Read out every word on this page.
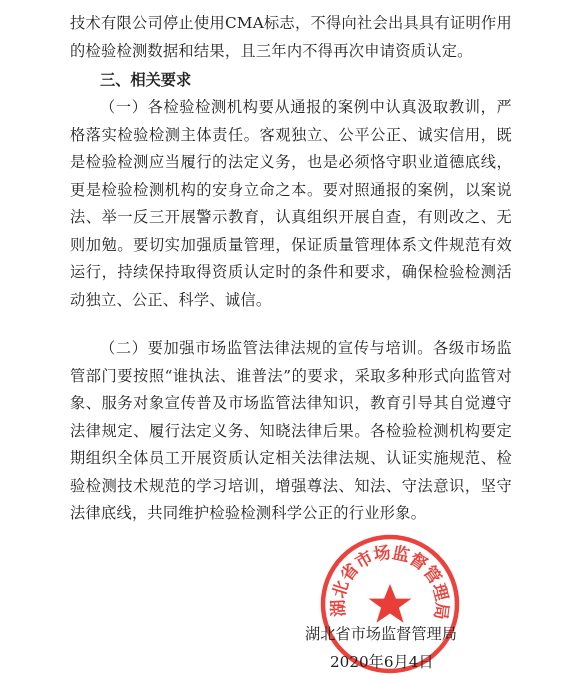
技术有限公司停止使用CMA标志，不得向社会出具具有证明作用的检验检测数据和结果，且三年内不得再次申请资质认定。

三、相关要求

（一）各检验检测机构要从通报的案例中认真汲取教训，严格落实检验检测主体责任。客观独立、公平公正、诚实信用，既是检验检测应当履行的法定义务，也是必须恪守职业道德底线，更是检验检测机构的安身立命之本。要对照通报的案例，以案说法、举一反三开展警示教育，认真组织开展自查，有则改之、无则加勉。要切实加强质量管理，保证质量管理体系文件规范有效运行，持续保持取得资质认定时的条件和要求，确保检验检测活动独立、公正、科学、诚信。

（二）要加强市场监管法律法规的宣传与培训。各级市场监管部门要按照“谁执法、谁普法”的要求，采取多种形式向监管对象、服务对象宣传普及市场监管法律知识，教育引导其自觉遵守法律规定、履行法定义务、知晓法律后果。各检验检测机构要定期组织全体员工开展资质认定相关法律法规、认证实施规范、检验检测技术规范的学习培训，增强尊法、知法、守法意识，坚守法律底线，共同维护检验检测科学公正的行业形象。

湖北省市场监督管理局

湖北省市场监督管理局

2020年6月4日
